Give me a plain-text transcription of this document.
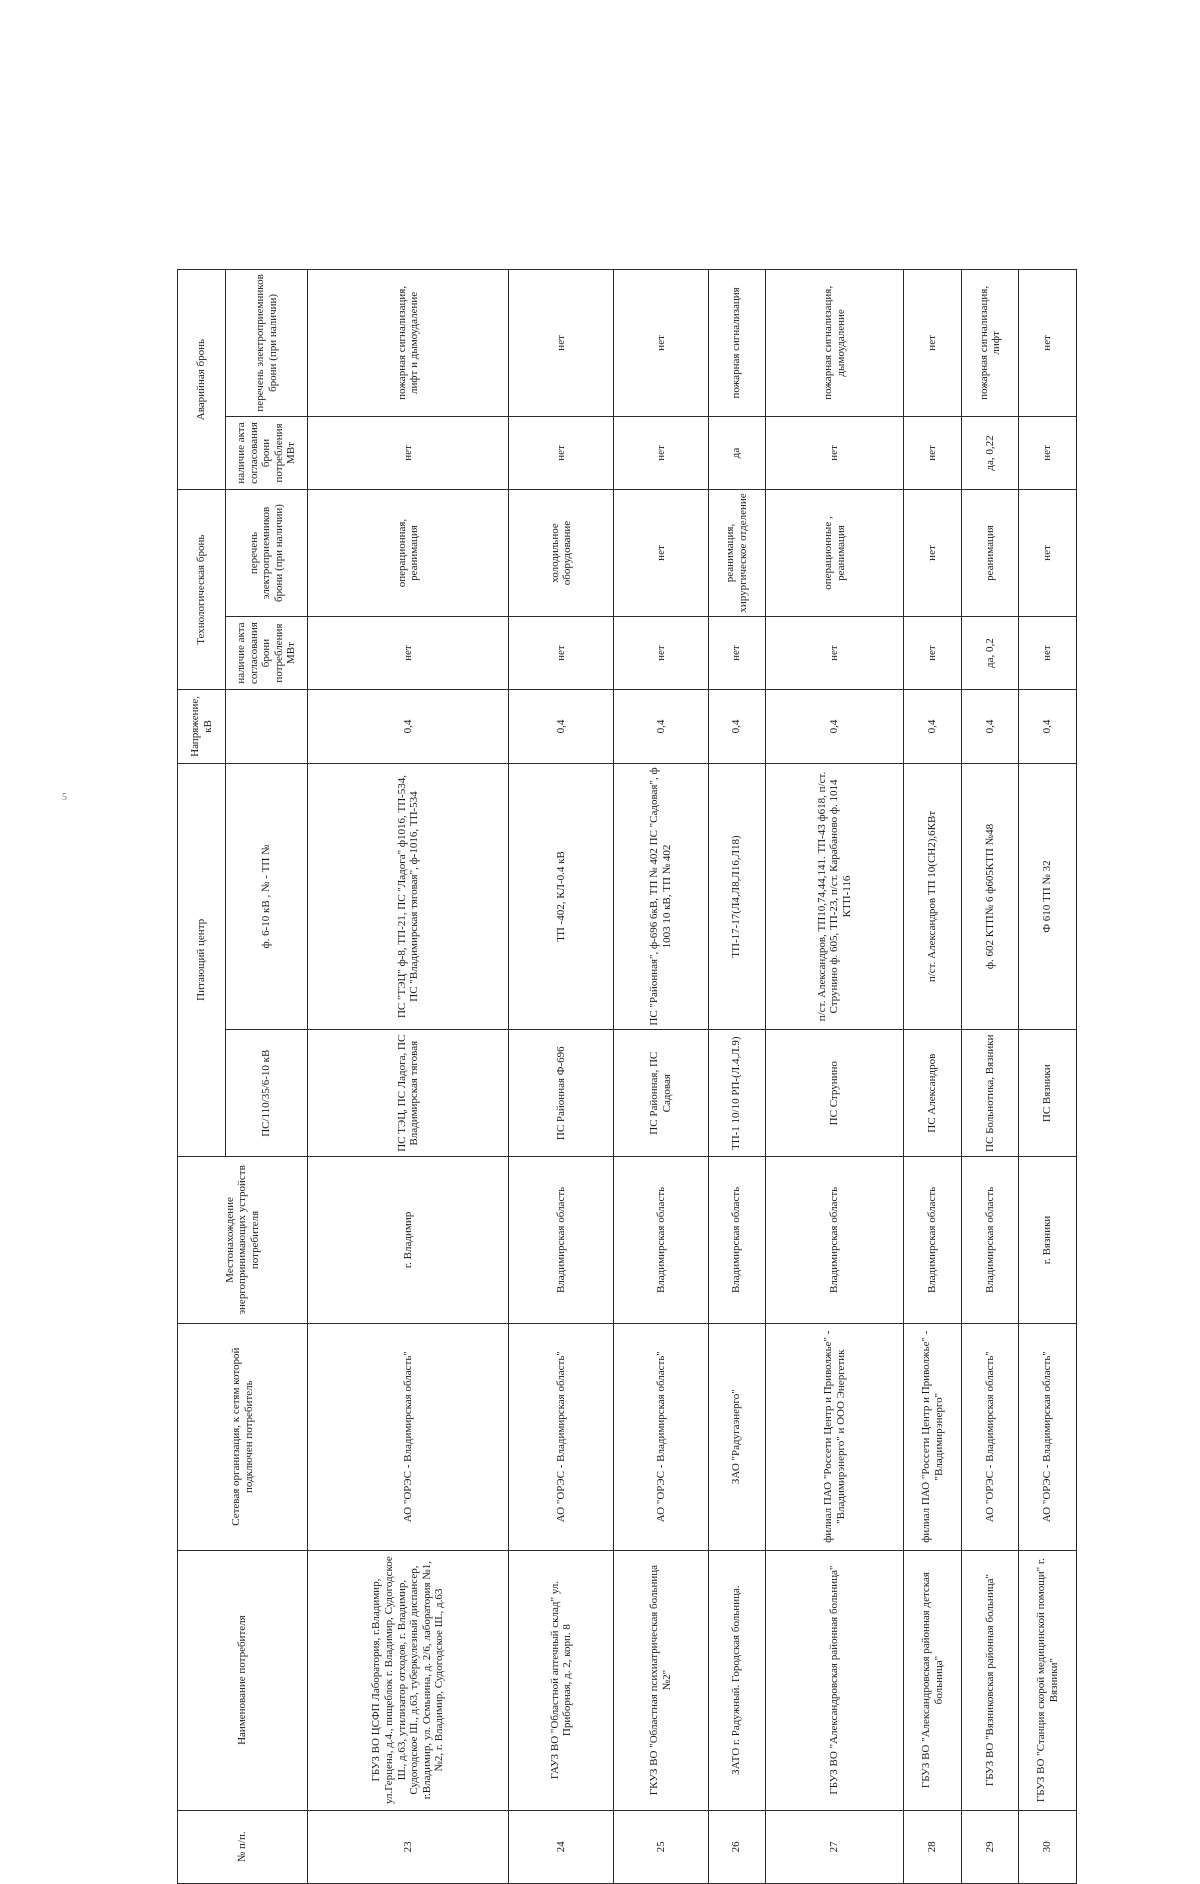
5
№ п/п.	Наименование потребителя	Сетевая организация, к сетям которой подключен потребитель	Местонахождение энергопринимающих устройств потребителя	Питающий центр		Напряжение, кВ	Технологическая бронь		Аварийная бронь	
				ПС/110/35/6-10 кВ	ф. 6-10 кВ , № - ТП №		наличие акта согласования брони потребления МВт	перечень электроприемников брони (при наличии)	наличие акта согласования брони потребления МВт	перечень электроприемников брони (при наличии)
23	ГБУЗ ВО ЦСФП Лаборатория, г.Владимир, ул.Герцена, д.4., пищеблок г. Владимир, Судогодское Ш., д.63, утилизатор отходов, г. Владимир, Судогодское Ш., д.63, туберкулезный диспансер, г.Владимир, ул. Осмьнина, д. 2/6, лаборатория №1, №2, г. Владимир, Судогодское Ш., д.63	АО "ОРЭС - Владимирская область"	г. Владимир	ПС ТЭЦ, ПС Ладога, ПС Владимирская тяговая	ПС "ТЭЦ" ф-8, ТП-21, ПС "Ладога" ф1016, ТП-534, ПС "Владимирская тяговая", ф-1016, ТП-534	0,4	нет	операционная, реанимация	нет	пожарная сигнализация, лифт и дымоудаление
24	ГАУЗ ВО "Областной аптечный склад" ул. Приборная, д. 2, корп. 8	АО "ОРЭС - Владимирская область"	Владимирская область	ПС Районная Ф-696	ТП -402, КЛ-0.4 кВ	0,4	нет	холодильное оборудование	нет	нет
25	ГКУЗ ВО "Областная психиатрическая больница №2"	АО "ОРЭС - Владимирская область"	Владимирская область	ПС Районная, ПС Садовая	ПС "Районная", ф-696 6кВ, ТП № 402 ПС "Садовая", ф 1003 10 кВ, ТП № 402	0,4	нет	нет	нет	нет
26	ЗАТО г. Радужный. Городская больница.	ЗАО "Радугаэнерго"	Владимирская область	ТП-1 10/10 РП-(Л.4,Л.9)	ТП-17-17(Л4,Л8,Л16,Л18)	0,4	нет	реанимация, хирургическое отделение	да	пожарная сигнализация
27	ГБУЗ ВО "Александровская районная больница"	филиал ПАО "Россети Центр и Приволжье" - "Владимирэнерго" и ООО Энергетик	Владимирская область	ПС Струнино	п/ст. Александров, ТП10,74,44,141. ТП-43 ф618, п/ст. Струнино ф. 605, ТП-23, п/ст. Карабаново ф. 1014 КТП-116	0,4	нет	операционные , реанимация	нет	пожарная сигнализация, дымоудаление
28	ГБУЗ ВО "Александровская районная детская больница"	филиал ПАО "Россети Центр и Приволжье" - "Владимирэнерго"	Владимирская область	ПС Александров	п/ст. Александров ТП 10(СН2),6КВт	0,4	нет	нет	нет	нет
29	ГБУЗ ВО "Вязниковская районная больница"	АО "ОРЭС - Владимирская область"	Владимирская область	ПС Больнотика, Вязники	ф. 602 КТП№ 6 ф605КТП №48	0,4	да, 0,2	реанимация	да, 0,22	пожарная сигнализация, лифт
30	ГБУЗ ВО "Станция скорой медицинской помощи" г. Вязники"	АО "ОРЭС - Владимирская область"	г. Вязники	ПС Вязники	Ф 610 ТП № 32	0,4	нет	нет	нет	нет
